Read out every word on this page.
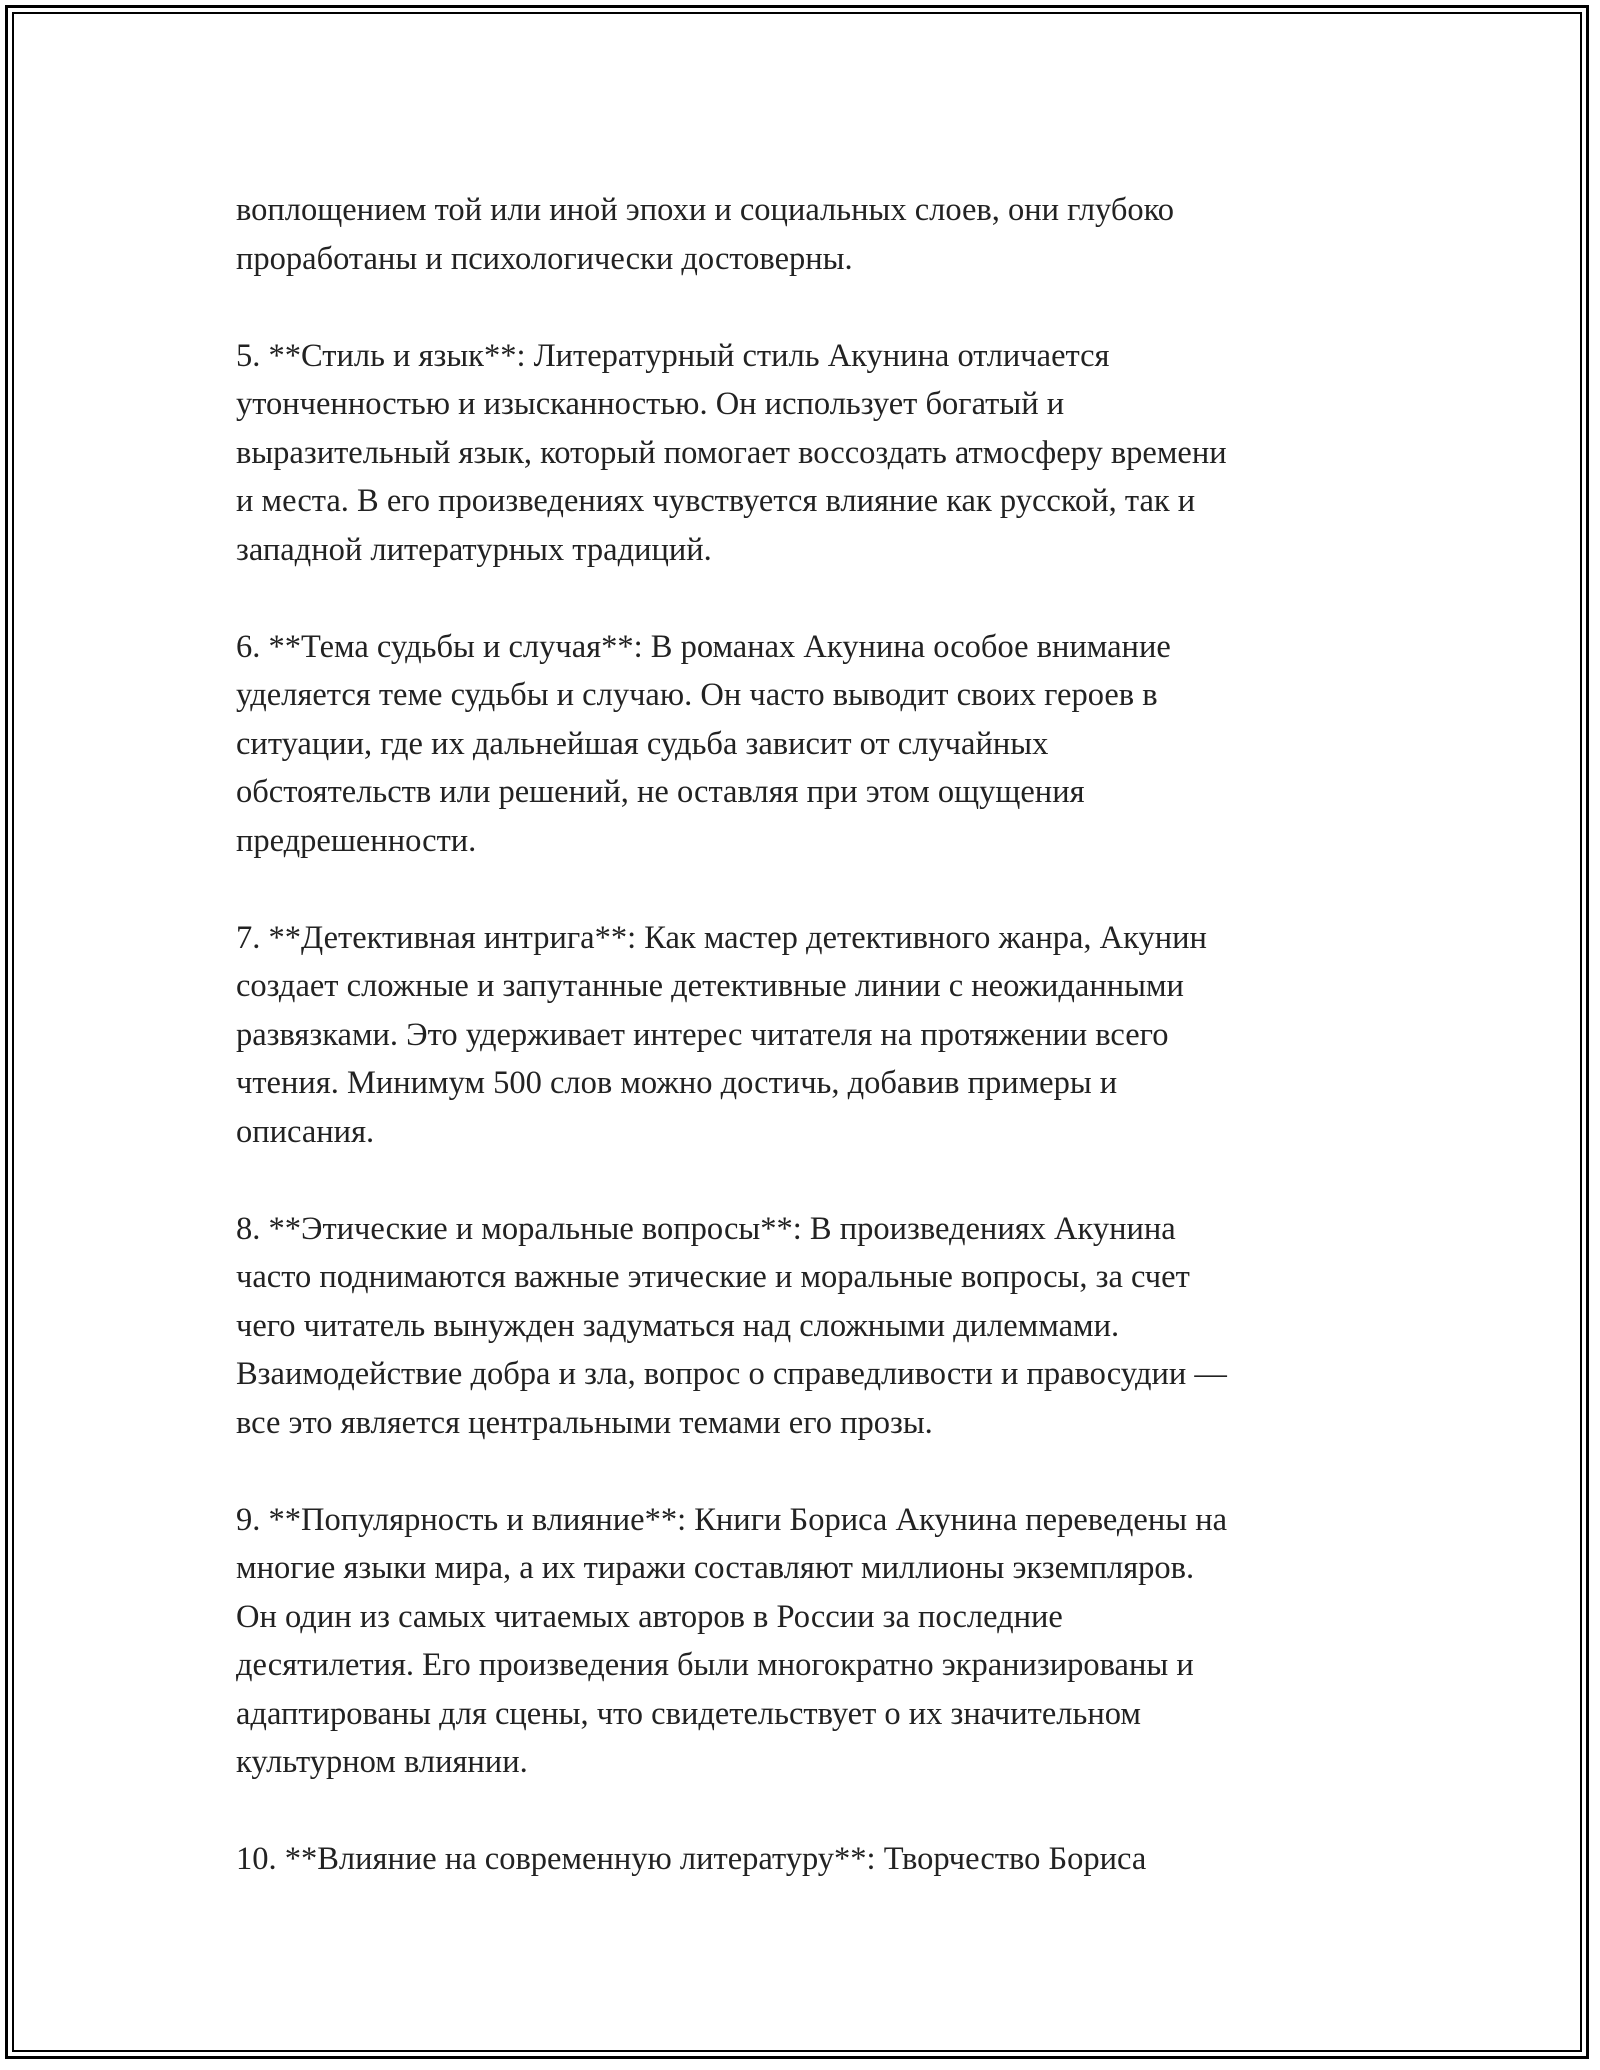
воплощением той или иной эпохи и социальных слоев, они глубоко
проработаны и психологически достоверны.

5. **Стиль и язык**: Литературный стиль Акунина отличается
утонченностью и изысканностью. Он использует богатый и
выразительный язык, который помогает воссоздать атмосферу времени
и места. В его произведениях чувствуется влияние как русской, так и
западной литературных традиций.

6. **Тема судьбы и случая**: В романах Акунина особое внимание
уделяется теме судьбы и случаю. Он часто выводит своих героев в
ситуации, где их дальнейшая судьба зависит от случайных
обстоятельств или решений, не оставляя при этом ощущения
предрешенности.

7. **Детективная интрига**: Как мастер детективного жанра, Акунин
создает сложные и запутанные детективные линии с неожиданными
развязками. Это удерживает интерес читателя на протяжении всего
чтения. Минимум 500 слов можно достичь, добавив примеры и
описания.

8. **Этические и моральные вопросы**: В произведениях Акунина
часто поднимаются важные этические и моральные вопросы, за счет
чего читатель вынужден задуматься над сложными дилеммами.
Взаимодействие добра и зла, вопрос о справедливости и правосудии —
все это является центральными темами его прозы.

9. **Популярность и влияние**: Книги Бориса Акунина переведены на
многие языки мира, а их тиражи составляют миллионы экземпляров.
Он один из самых читаемых авторов в России за последние
десятилетия. Его произведения были многократно экранизированы и
адаптированы для сцены, что свидетельствует о их значительном
культурном влиянии.

10. **Влияние на современную литературу**: Творчество Бориса
